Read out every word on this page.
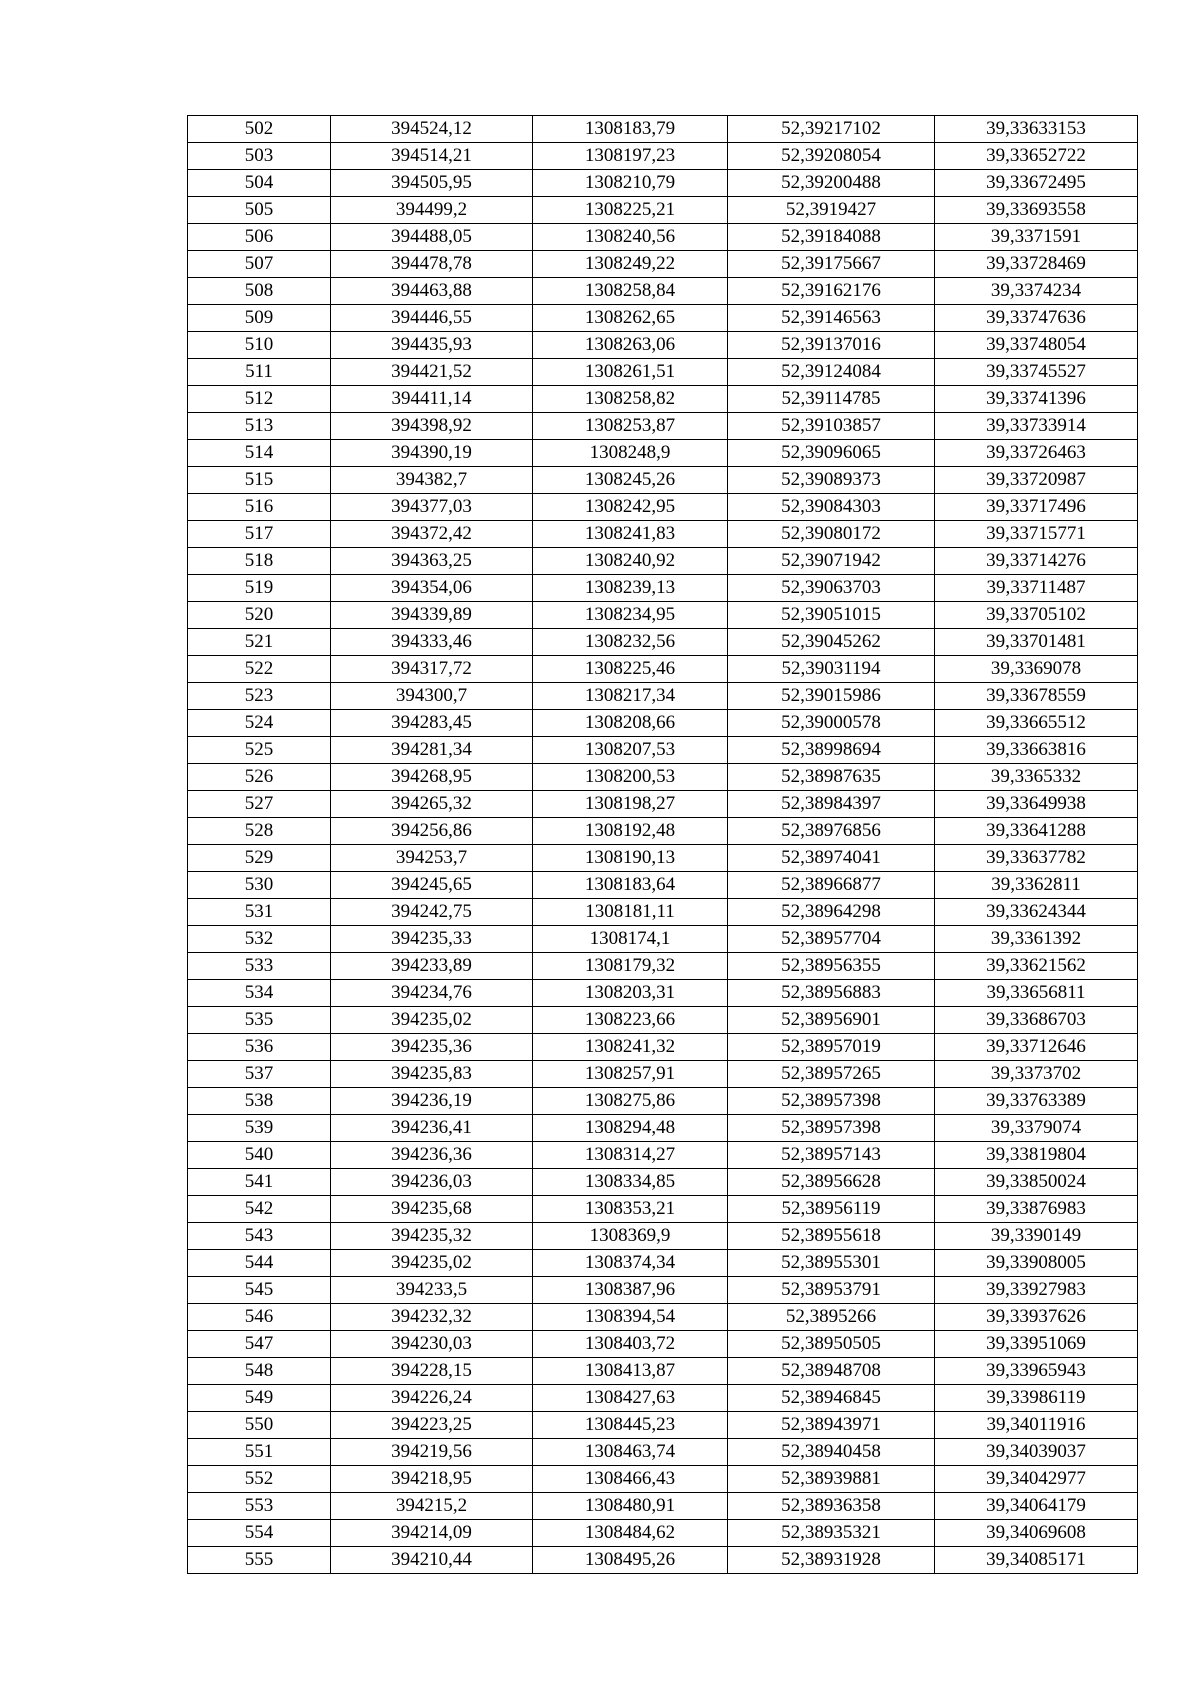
502	394524,12	1308183,79	52,39217102	39,33633153
503	394514,21	1308197,23	52,39208054	39,33652722
504	394505,95	1308210,79	52,39200488	39,33672495
505	394499,2	1308225,21	52,3919427	39,33693558
506	394488,05	1308240,56	52,39184088	39,3371591
507	394478,78	1308249,22	52,39175667	39,33728469
508	394463,88	1308258,84	52,39162176	39,3374234
509	394446,55	1308262,65	52,39146563	39,33747636
510	394435,93	1308263,06	52,39137016	39,33748054
511	394421,52	1308261,51	52,39124084	39,33745527
512	394411,14	1308258,82	52,39114785	39,33741396
513	394398,92	1308253,87	52,39103857	39,33733914
514	394390,19	1308248,9	52,39096065	39,33726463
515	394382,7	1308245,26	52,39089373	39,33720987
516	394377,03	1308242,95	52,39084303	39,33717496
517	394372,42	1308241,83	52,39080172	39,33715771
518	394363,25	1308240,92	52,39071942	39,33714276
519	394354,06	1308239,13	52,39063703	39,33711487
520	394339,89	1308234,95	52,39051015	39,33705102
521	394333,46	1308232,56	52,39045262	39,33701481
522	394317,72	1308225,46	52,39031194	39,3369078
523	394300,7	1308217,34	52,39015986	39,33678559
524	394283,45	1308208,66	52,39000578	39,33665512
525	394281,34	1308207,53	52,38998694	39,33663816
526	394268,95	1308200,53	52,38987635	39,3365332
527	394265,32	1308198,27	52,38984397	39,33649938
528	394256,86	1308192,48	52,38976856	39,33641288
529	394253,7	1308190,13	52,38974041	39,33637782
530	394245,65	1308183,64	52,38966877	39,3362811
531	394242,75	1308181,11	52,38964298	39,33624344
532	394235,33	1308174,1	52,38957704	39,3361392
533	394233,89	1308179,32	52,38956355	39,33621562
534	394234,76	1308203,31	52,38956883	39,33656811
535	394235,02	1308223,66	52,38956901	39,33686703
536	394235,36	1308241,32	52,38957019	39,33712646
537	394235,83	1308257,91	52,38957265	39,3373702
538	394236,19	1308275,86	52,38957398	39,33763389
539	394236,41	1308294,48	52,38957398	39,3379074
540	394236,36	1308314,27	52,38957143	39,33819804
541	394236,03	1308334,85	52,38956628	39,33850024
542	394235,68	1308353,21	52,38956119	39,33876983
543	394235,32	1308369,9	52,38955618	39,3390149
544	394235,02	1308374,34	52,38955301	39,33908005
545	394233,5	1308387,96	52,38953791	39,33927983
546	394232,32	1308394,54	52,3895266	39,33937626
547	394230,03	1308403,72	52,38950505	39,33951069
548	394228,15	1308413,87	52,38948708	39,33965943
549	394226,24	1308427,63	52,38946845	39,33986119
550	394223,25	1308445,23	52,38943971	39,34011916
551	394219,56	1308463,74	52,38940458	39,34039037
552	394218,95	1308466,43	52,38939881	39,34042977
553	394215,2	1308480,91	52,38936358	39,34064179
554	394214,09	1308484,62	52,38935321	39,34069608
555	394210,44	1308495,26	52,38931928	39,34085171
